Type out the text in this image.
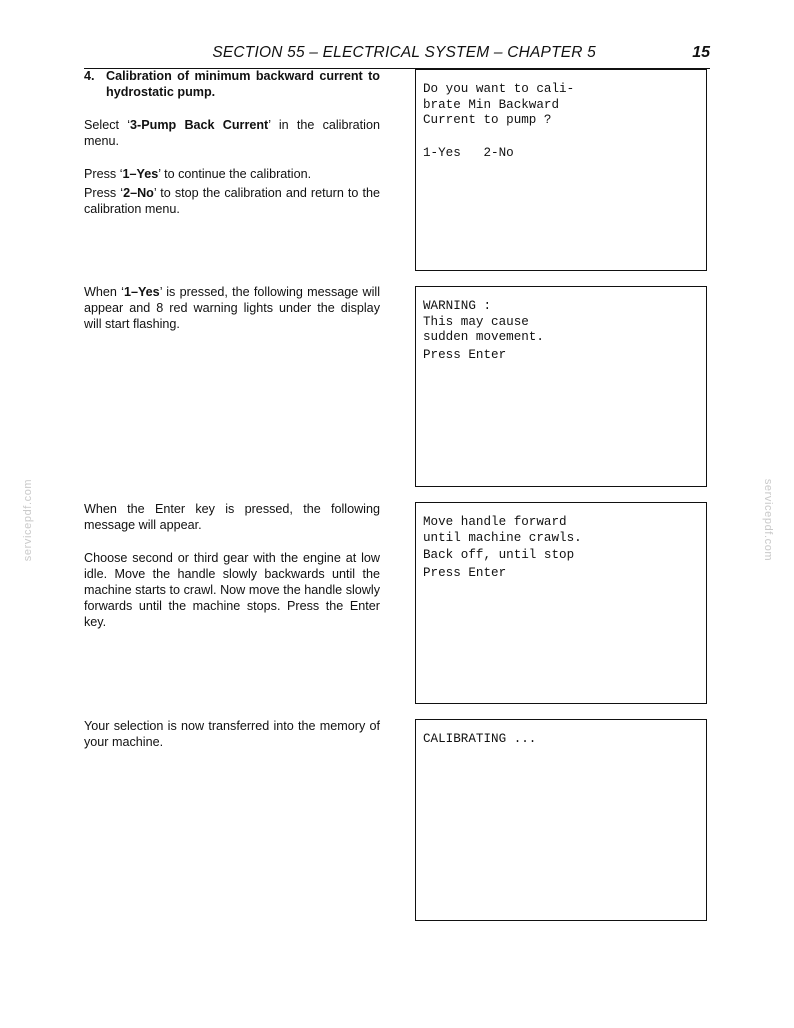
SECTION 55 – ELECTRICAL SYSTEM – CHAPTER 5	15
4. Calibration of minimum backward current to hydrostatic pump.

Select ‘3-Pump Back Current’ in the calibration menu.

Press ‘1–Yes’ to continue the calibration.

Press ‘2–No’ to stop the calibration and return to the calibration menu.

Do you want to cali-
brate Min Backward
Current to pump ?
1-Yes   2-No

When ‘1–Yes’ is pressed, the following message will appear and 8 red warning lights under the display will start flashing.

WARNING :
This may cause
sudden movement.
Press Enter

When the Enter key is pressed, the following message will appear.

Choose second or third gear with the engine at low idle. Move the handle slowly backwards until the machine starts to crawl. Now move the handle slowly forwards until the machine stops. Press the Enter key.

Move handle forward
until machine crawls.
Back off, until stop
Press Enter

Your selection is now transferred into the memory of your machine.	CALIBRATING ...
servicepdf.com	servicepdf.com
